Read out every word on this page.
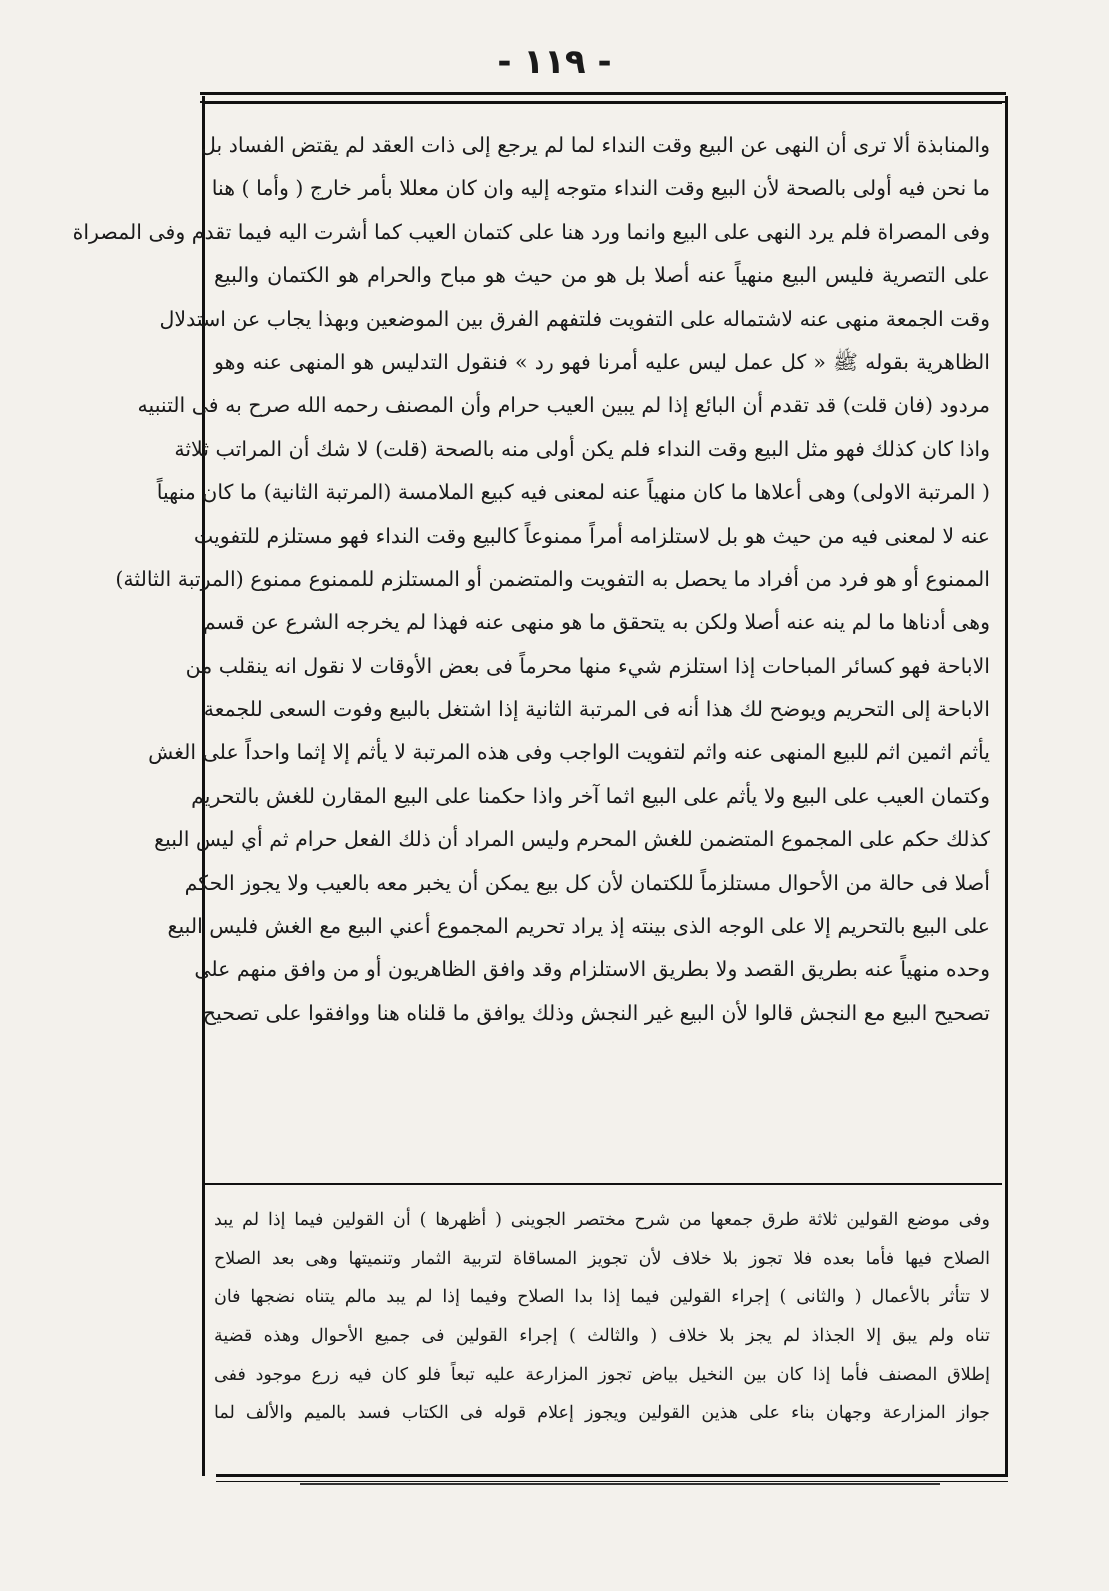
- ١١٩ -
والمنابذة ألا ترى أن النهى عن البيع وقت النداء لما لم يرجع إلى ذات العقد لم يقتض الفساد بل
ما نحن فيه أولى بالصحة لأن البيع وقت النداء متوجه إليه وان كان معللا بأمر خارج ( وأما ) هنا
وفى المصراة فلم يرد النهى على البيع وانما ورد هنا على كتمان العيب كما أشرت اليه فيما تقدم وفى المصراة
على التصرية فليس البيع منهياً عنه أصلا بل هو من حيث هو مباح والحرام هو الكتمان والبيع
وقت الجمعة منهى عنه لاشتماله على التفويت فلتفهم الفرق بين الموضعين وبهذا يجاب عن استدلال
الظاهرية بقوله ﷺ « كل عمل ليس عليه أمرنا فهو رد » فنقول التدليس هو المنهى عنه وهو
مردود (فان قلت) قد تقدم أن البائع إذا لم يبين العيب حرام وأن المصنف رحمه الله صرح به فى التنبيه
واذا كان كذلك فهو مثل البيع وقت النداء فلم يكن أولى منه بالصحة (قلت) لا شك أن المراتب ثلاثة
( المرتبة الاولى) وهى أعلاها ما كان منهياً عنه لمعنى فيه كبيع الملامسة (المرتبة الثانية) ما كان منهياً
عنه لا لمعنى فيه من حيث هو بل لاستلزامه أمراً ممنوعاً كالبيع وقت النداء فهو مستلزم للتفويت
الممنوع أو هو فرد من أفراد ما يحصل به التفويت والمتضمن أو المستلزم للممنوع ممنوع (المرتبة الثالثة)
وهى أدناها ما لم ينه عنه أصلا ولكن به يتحقق ما هو منهى عنه فهذا لم يخرجه الشرع عن قسم
الاباحة فهو كسائر المباحات إذا استلزم شيء منها محرماً فى بعض الأوقات لا نقول انه ينقلب من
الاباحة إلى التحريم ويوضح لك هذا أنه فى المرتبة الثانية إذا اشتغل بالبيع وفوت السعى للجمعة
يأثم اثمين اثم للبيع المنهى عنه واثم لتفويت الواجب وفى هذه المرتبة لا يأثم إلا إثما واحداً على الغش
وكتمان العيب على البيع ولا يأثم على البيع اثما آخر واذا حكمنا على البيع المقارن للغش بالتحريم
كذلك حكم على المجموع المتضمن للغش المحرم وليس المراد أن ذلك الفعل حرام ثم أي ليس البيع
أصلا فى حالة من الأحوال مستلزماً للكتمان لأن كل بيع يمكن أن يخبر معه بالعيب ولا يجوز الحكم
على البيع بالتحريم إلا على الوجه الذى بينته إذ يراد تحريم المجموع أعني البيع مع الغش فليس البيع
وحده منهياً عنه بطريق القصد ولا بطريق الاستلزام وقد وافق الظاهريون أو من وافق منهم على
تصحيح البيع مع النجش قالوا لأن البيع غير النجش وذلك يوافق ما قلناه هنا ووافقوا على تصحيح
وفى موضع القولين ثلاثة طرق جمعها من شرح مختصر الجوينى ( أظهرها ) أن القولين فيما إذا لم يبد
الصلاح فيها فأما بعده فلا تجوز بلا خلاف لأن تجويز المساقاة لتربية الثمار وتنميتها وهى بعد الصلاح
لا تتأثر بالأعمال ( والثانى ) إجراء القولين فيما إذا بدا الصلاح وفيما إذا لم يبد مالم يتناه نضجها فان
تناه ولم يبق إلا الجذاذ لم يجز بلا خلاف ( والثالث ) إجراء القولين فى جميع الأحوال وهذه قضية
إطلاق المصنف فأما إذا كان بين النخيل بياض تجوز المزارعة عليه تبعاً فلو كان فيه زرع موجود ففى
جواز المزارعة وجهان بناء على هذين القولين ويجوز إعلام قوله فى الكتاب فسد بالميم والألف لما
